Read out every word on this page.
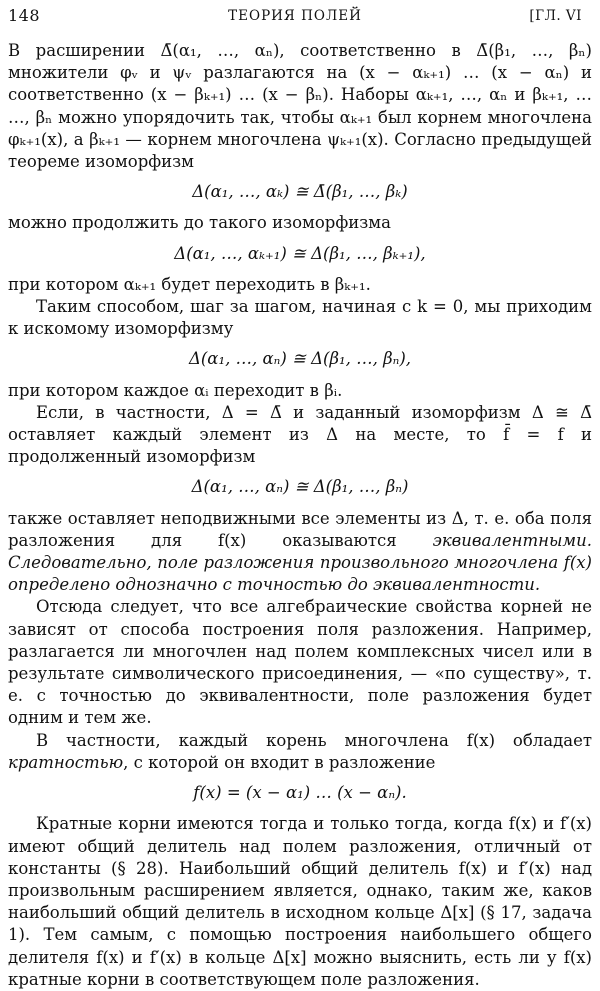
148	ТЕОРИЯ ПОЛЕЙ	[ГЛ. VI

В расширении Δ̄(α₁, …, αₙ), соответственно в Δ̄(β₁, …, βₙ) множители φᵥ и ψᵥ разлагаются на (x − αₖ₊₁) … (x − αₙ) и соответственно (x − βₖ₊₁) … (x − βₙ). Наборы αₖ₊₁, …, αₙ и βₖ₊₁, … …, βₙ можно упорядочить так, чтобы αₖ₊₁ был корнем многочлена φₖ₊₁(x), а βₖ₊₁ — корнем многочлена ψₖ₊₁(x). Согласно предыдущей теореме изоморфизм

Δ(α₁, …, αₖ) ≅ Δ̄(β₁, …, βₖ)

можно продолжить до такого изоморфизма

Δ(α₁, …, αₖ₊₁) ≅ Δ(β₁, …, βₖ₊₁),

при котором αₖ₊₁ будет переходить в βₖ₊₁.

Таким способом, шаг за шагом, начиная с k = 0, мы приходим к искомому изоморфизму

Δ(α₁, …, αₙ) ≅ Δ(β₁, …, βₙ),

при котором каждое αᵢ переходит в βᵢ.

Если, в частности, Δ = Δ̄ и заданный изоморфизм Δ ≅ Δ̄ оставляет каждый элемент из Δ на месте, то f̄ = f и продолженный изоморфизм

Δ(α₁, …, αₙ) ≅ Δ(β₁, …, βₙ)

также оставляет неподвижными все элементы из Δ, т. е. оба поля разложения для f(x) оказываются эквивалентными. Следовательно, поле разложения произвольного многочлена f(x) определено однозначно с точностью до эквивалентности.

Отсюда следует, что все алгебраические свойства корней не зависят от способа построения поля разложения. Например, разлагается ли многочлен над полем комплексных чисел или в результате символического присоединения, — «по существу», т. е. с точностью до эквивалентности, поле разложения будет одним и тем же.

В частности, каждый корень многочлена f(x) обладает кратностью, с которой он входит в разложение

f(x) = (x − α₁) … (x − αₙ).

Кратные корни имеются тогда и только тогда, когда f(x) и f′(x) имеют общий делитель над полем разложения, отличный от константы (§ 28). Наибольший общий делитель f(x) и f′(x) над произвольным расширением является, однако, таким же, каков наибольший общий делитель в исходном кольце Δ[x] (§ 17, задача 1). Тем самым, с помощью построения наибольшего общего делителя f(x) и f′(x) в кольце Δ[x] можно выяснить, есть ли у f(x) кратные корни в соответствующем поле разложения.
